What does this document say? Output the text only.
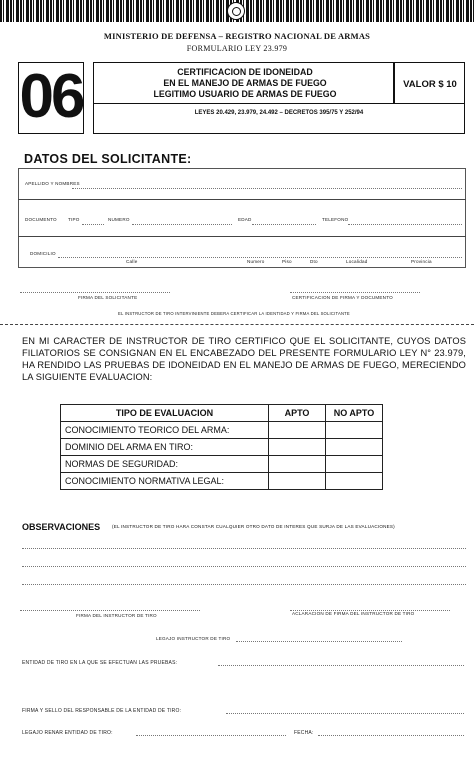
MINISTERIO DE DEFENSA – REGISTRO NACIONAL DE ARMAS
FORMULARIO LEY 23.979
06	CERTIFICACION DE IDONEIDAD
EN EL MANEJO DE ARMAS DE FUEGO
LEGITIMO USUARIO DE ARMAS DE FUEGO
VALOR $ 10
LEYES 20.429, 23.979, 24.492 – DECRETOS 395/75 Y 252/94
DATOS DEL SOLICITANTE:
APELLIDO Y NOMBRES
DOCUMENTO TIPO	NUMERO	EDAD	TELEFONO
DOMICILIO
Calle	Numero	Piso	Dto	Localidad	Provincia
FIRMA DEL SOLICITANTE	CERTIFICACION DE FIRMA Y DOCUMENTO
EL INSTRUCTOR DE TIRO INTERVINIENTE DEBERA CERTIFICAR LA IDENTIDAD Y FIRMA DEL SOLICITANTE
EN MI CARACTER DE INSTRUCTOR DE TIRO CERTIFICO QUE EL SOLICITANTE, CUYOS DATOS FILIATORIOS SE CONSIGNAN EN EL ENCABEZADO DEL PRESENTE FORMULARIO LEY N° 23.979, HA RENDIDO LAS PRUEBAS DE IDONEIDAD EN EL MANEJO DE ARMAS DE FUEGO, MERECIENDO LA SIGUIENTE EVALUACION:
TIPO DE EVALUACION	APTO	NO APTO
CONOCIMIENTO TEORICO DEL ARMA:		
DOMINIO DEL ARMA EN TIRO:		
NORMAS DE SEGURIDAD:		
CONOCIMIENTO NORMATIVA LEGAL:		
OBSERVACIONES	(EL INSTRUCTOR DE TIRO HARA CONSTAR CUALQUIER OTRO DATO DE INTERES QUE SURJA DE LAS EVALUACIONES)
FIRMA DEL INSTRUCTOR DE TIRO	ACLARACION DE FIRMA DEL INSTRUCTOR DE TIRO
LEGAJO INSTRUCTOR DE TIRO
ENTIDAD DE TIRO EN LA QUE SE EFECTUAN LAS PRUEBAS:
FIRMA Y SELLO DEL RESPONSABLE DE LA ENTIDAD DE TIRO:
LEGAJO RENAR ENTIDAD DE TIRO:	FECHA:
